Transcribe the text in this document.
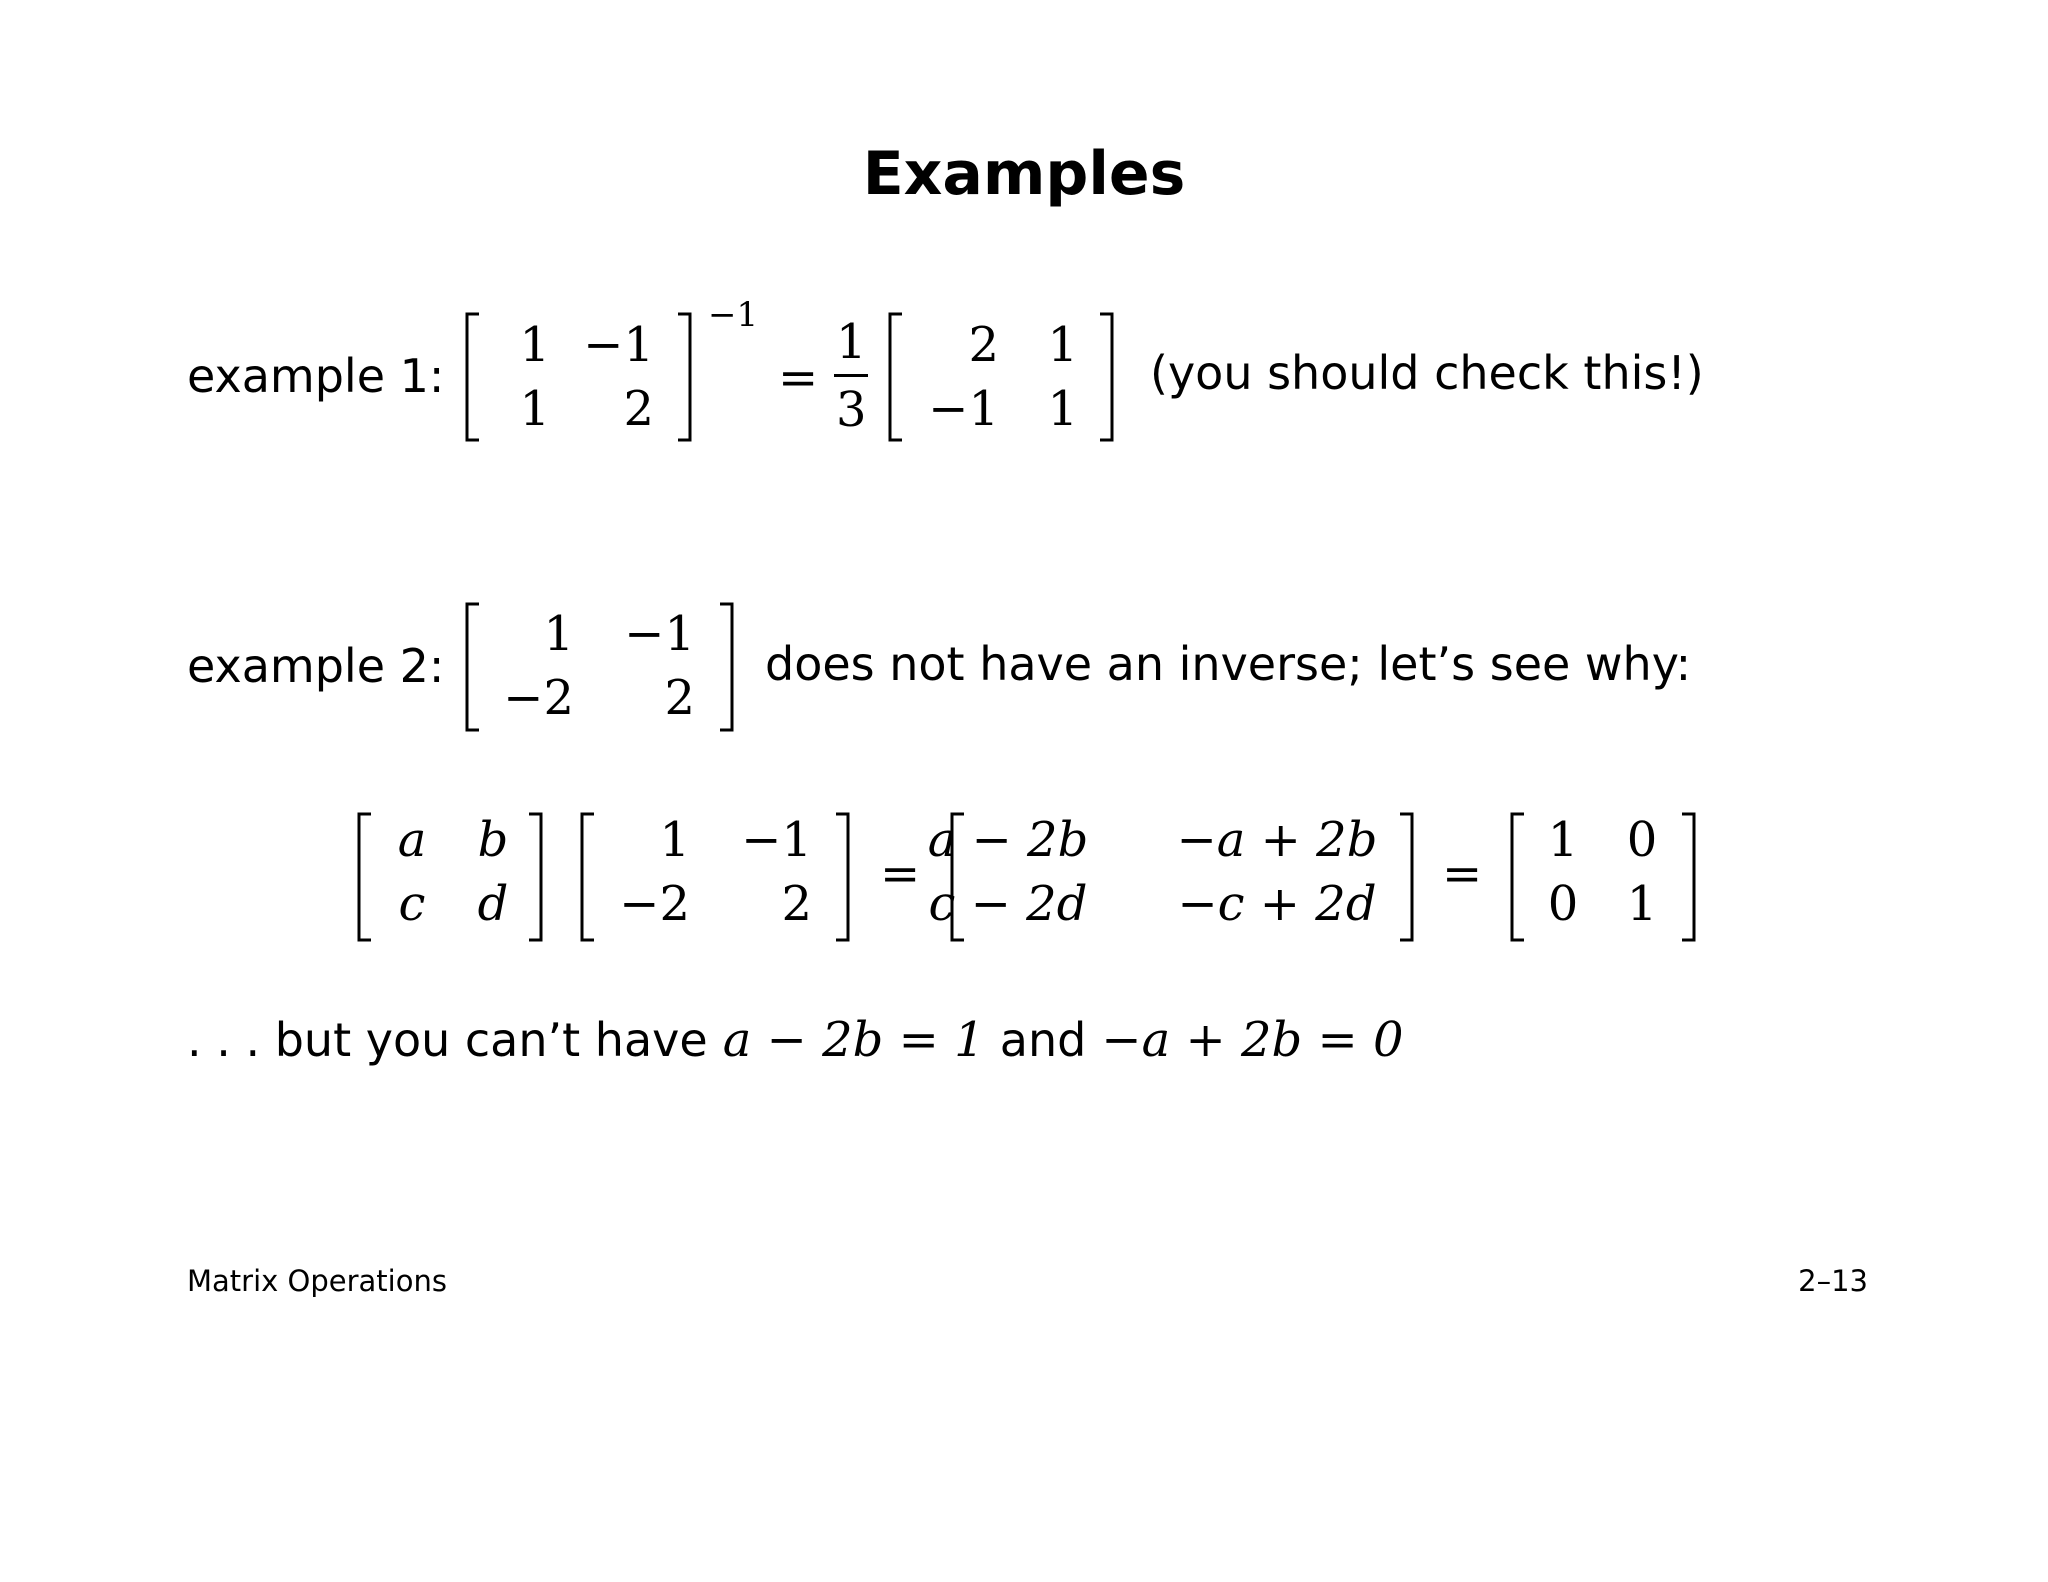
Examples
example 1:
1 −1
1	2
−1
=
1
3
2	1
−1	1
(you should check this!)
example 2:
1	−1
−2	2
does not have an inverse; let’s see why:
a	b
c	d
1	−1
−2	2
=
a − 2b	−a + 2b
c − 2d	−c + 2d
=
1	0
0	1
. . . but you can’t have a − 2b = 1 and −a + 2b = 0
Matrix Operations	2–13
